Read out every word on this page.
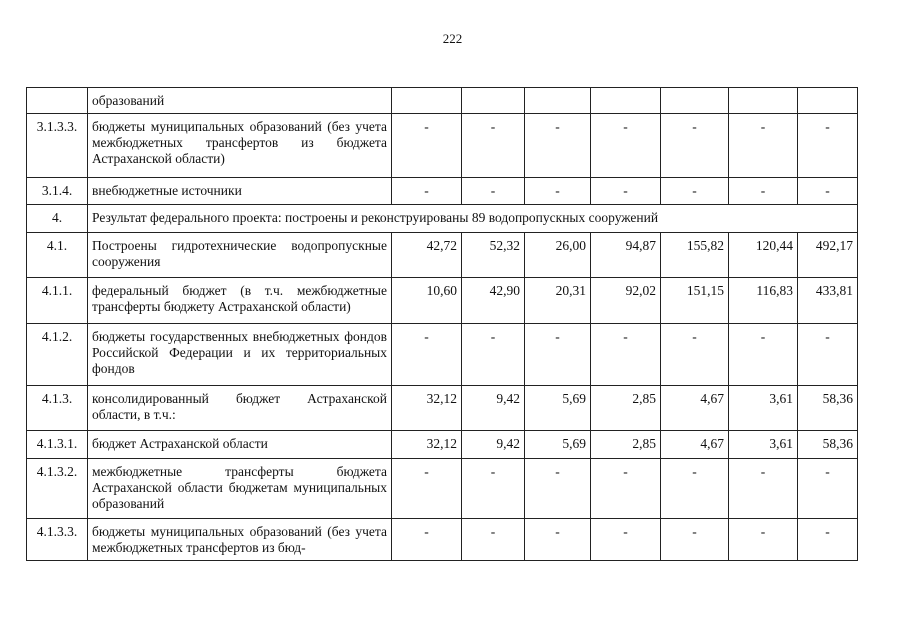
222
	образований							
3.1.3.3.	бюджеты муниципальных образований (без учета межбюджетных трансфертов из бюджета Астраханской области)	-	-	-	-	-	-	-
3.1.4.	внебюджетные источники	-	-	-	-	-	-	-
4.	Результат федерального проекта: построены и реконструированы 89 водопропускных сооружений							
4.1.	Построены гидротехнические водопропускные сооружения	42,72	52,32	26,00	94,87	155,82	120,44	492,17
4.1.1.	федеральный бюджет (в т.ч. межбюджетные трансферты бюджету Астраханской области)	10,60	42,90	20,31	92,02	151,15	116,83	433,81
4.1.2.	бюджеты государственных внебюджетных фондов Российской Федерации и их территориальных фондов	-	-	-	-	-	-	-
4.1.3.	консолидированный бюджет Астраханской области, в т.ч.:	32,12	9,42	5,69	2,85	4,67	3,61	58,36
4.1.3.1.	бюджет Астраханской области	32,12	9,42	5,69	2,85	4,67	3,61	58,36
4.1.3.2.	межбюджетные трансферты бюджета Астраханской области бюджетам муниципальных образований	-	-	-	-	-	-	-
4.1.3.3.	бюджеты муниципальных образований (без учета межбюджетных трансфертов из бюд-	-	-	-	-	-	-	-
